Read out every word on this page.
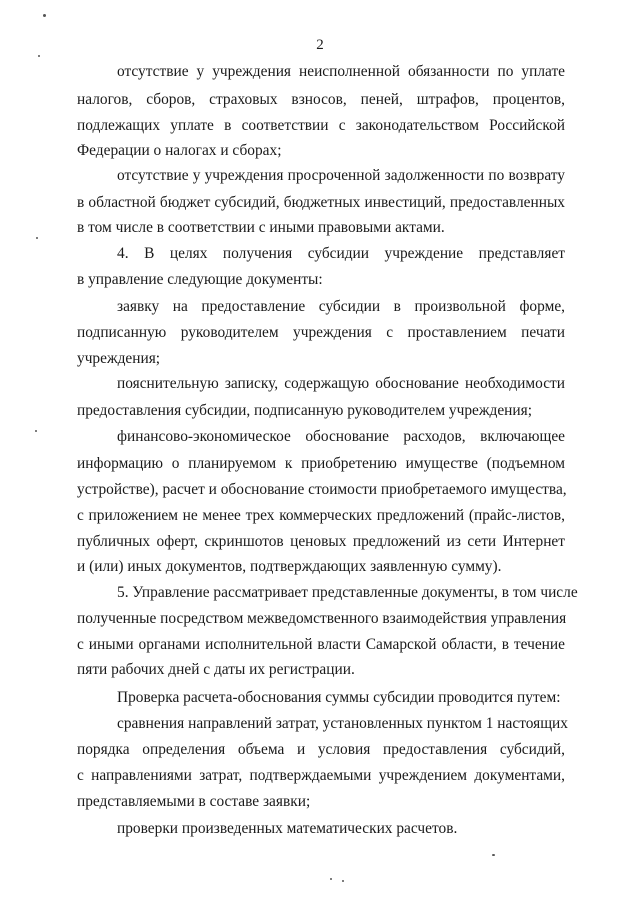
2
отсутствие у учреждения неисполненной обязанности по уплате
налогов, сборов, страховых взносов, пеней, штрафов, процентов,
подлежащих уплате в соответствии с законодательством Российской
Федерации о налогах и сборах;
отсутствие у учреждения просроченной задолженности по возврату
в областной бюджет субсидий, бюджетных инвестиций, предоставленных
в том числе в соответствии с иными правовыми актами.
4. В целях получения субсидии учреждение представляет
в управление следующие документы:
заявку на предоставление субсидии в произвольной форме,
подписанную руководителем учреждения с проставлением печати
учреждения;
пояснительную записку, содержащую обоснование необходимости
предоставления субсидии, подписанную руководителем учреждения;
финансово-экономическое обоснование расходов, включающее
информацию о планируемом к приобретению имуществе (подъемном
устройстве), расчет и обоснование стоимости приобретаемого имущества,
с приложением не менее трех коммерческих предложений (прайс-листов,
публичных оферт, скриншотов ценовых предложений из сети Интернет
и (или) иных документов, подтверждающих заявленную сумму).
5. Управление рассматривает представленные документы, в том числе
полученные посредством межведомственного взаимодействия управления
с иными органами исполнительной власти Самарской области, в течение
пяти рабочих дней с даты их регистрации.
Проверка расчета-обоснования суммы субсидии проводится путем:
сравнения направлений затрат, установленных пунктом 1 настоящих
порядка определения объема и условия предоставления субсидий,
с направлениями затрат, подтверждаемыми учреждением документами,
представляемыми в составе заявки;
проверки произведенных математических расчетов.
